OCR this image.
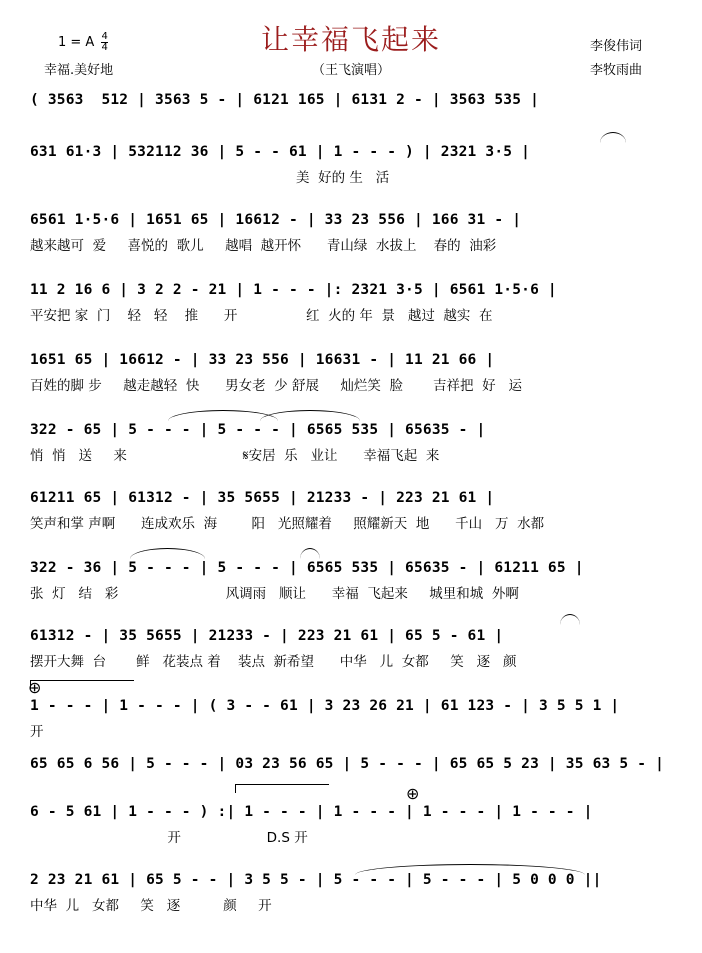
让幸福飞起来
1 = A $\frac{4}{4}$
幸福.美好地	（王飞演唱）
李俊伟词
李牧雨曲
( 3563  512 | 3563 5 - | 6121 165 | 6131 2 - | 3563 535 |
631 61·3 | 532112 36 | 5 - - 61 | 1 - - - ) | 2321 3·5 |
美  好的 生   活
6561 1·5·6 | 1651 65 | 16612 - | 33 23 556 | 166 31 - |
越来越可  爱     喜悦的  歌儿     越唱  越开怀      青山绿  水拔上    春的  油彩
11 2 16 6 | 3 2 2 - 21 | 1 - - - |: 2321 3·5 | 6561 1·5·6 |
平安把 家  门    轻   轻    推      开                红  火的 年  景   越过  越实  在
1651 65 | 16612 - | 33 23 556 | 16631 - | 11 21 66 |
百姓的脚 步     越走越轻  快      男女老  少 舒展     灿烂笑  脸       吉祥把  好   运
322 - 65 | 5 - - - | 5 - - - | 6565 535 | 65635 - |
悄  悄   送     来                           𝄋安居  乐   业让      幸福飞起  来
61211 65 | 61312 - | 35 5655 | 21233 - | 223 21 61 |
笑声和掌 声啊      连成欢乐  海        阳   光照耀着     照耀新天  地      千山   万  水都
322 - 36 | 5 - - - | 5 - - - | 6565 535 | 65635 - | 61211 65 |
张  灯   结   彩                         风调雨   顺让      幸福  飞起来     城里和城  外啊
61312 - | 35 5655 | 21233 - | 223 21 61 | 65 5 - 61 |
摆开大舞  台       鲜   花装点 着    装点  新希望      中华   儿  女都     笑   逐   颜
1 - - - | 1 - - - | ( 3 - - 61 | 3 23 26 21 | 61 123 - | 3 5 5 1 |
开
65 65 6 56 | 5 - - - | 03 23 56 65 | 5 - - - | 65 65 5 23 | 35 63 5 - |
6 - 5 61 | 1 - - - ) :| 1 - - - | 1 - - - | 1 - - - | 1 - - - |
开                    D.S 开
2 23 21 61 | 65 5 - - | 3 5 5 - | 5 - - - | 5 - - - | 5 0 0 0 ||
中华  儿   女都     笑   逐          颜     开
⊕
⊕
